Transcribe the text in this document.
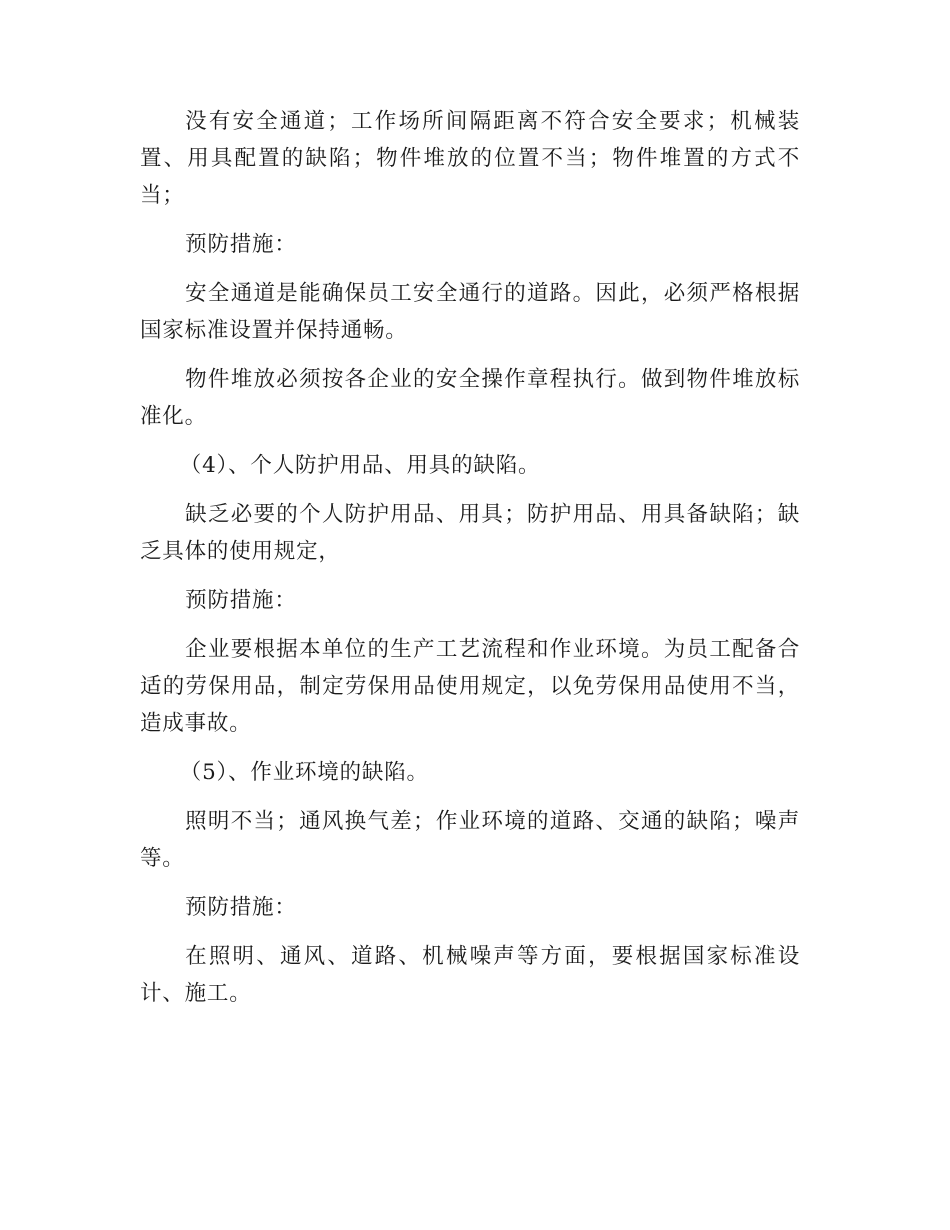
没有安全通道；工作场所间隔距离不符合安全要求；机械装置、用具配置的缺陷；物件堆放的位置不当；物件堆置的方式不当；

预防措施：

安全通道是能确保员工安全通行的道路。因此，必须严格根据国家标准设置并保持通畅。

物件堆放必须按各企业的安全操作章程执行。做到物件堆放标准化。

（4）、个人防护用品、用具的缺陷。

缺乏必要的个人防护用品、用具；防护用品、用具备缺陷；缺乏具体的使用规定，

预防措施：

企业要根据本单位的生产工艺流程和作业环境。为员工配备合适的劳保用品，制定劳保用品使用规定，以免劳保用品使用不当，造成事故。

（5）、作业环境的缺陷。

照明不当；通风换气差；作业环境的道路、交通的缺陷；噪声等。

预防措施：

在照明、通风、道路、机械噪声等方面，要根据国家标准设计、施工。
